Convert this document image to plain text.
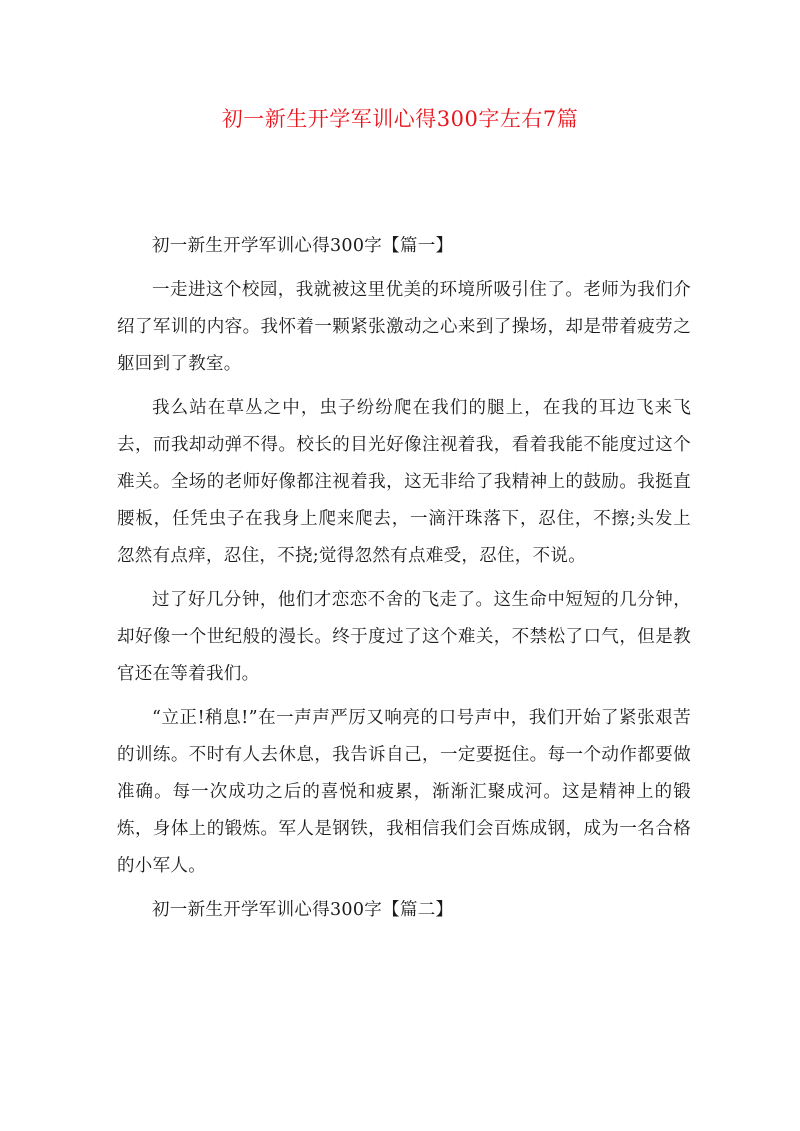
初一新生开学军训心得300字左右7篇

初一新生开学军训心得300字【篇一】

一走进这个校园，我就被这里优美的环境所吸引住了。老师为我们介绍了军训的内容。我怀着一颗紧张激动之心来到了操场，却是带着疲劳之躯回到了教室。

我么站在草丛之中，虫子纷纷爬在我们的腿上，在我的耳边飞来飞去，而我却动弹不得。校长的目光好像注视着我，看着我能不能度过这个难关。全场的老师好像都注视着我，这无非给了我精神上的鼓励。我挺直腰板，任凭虫子在我身上爬来爬去，一滴汗珠落下，忍住，不擦;头发上忽然有点痒，忍住，不挠;觉得忽然有点难受，忍住，不说。

过了好几分钟，他们才恋恋不舍的飞走了。这生命中短短的几分钟，却好像一个世纪般的漫长。终于度过了这个难关，不禁松了口气，但是教官还在等着我们。

“立正!稍息!”在一声声严厉又响亮的口号声中，我们开始了紧张艰苦的训练。不时有人去休息，我告诉自己，一定要挺住。每一个动作都要做准确。每一次成功之后的喜悦和疲累，渐渐汇聚成河。这是精神上的锻炼，身体上的锻炼。军人是钢铁，我相信我们会百炼成钢，成为一名合格的小军人。

初一新生开学军训心得300字【篇二】
